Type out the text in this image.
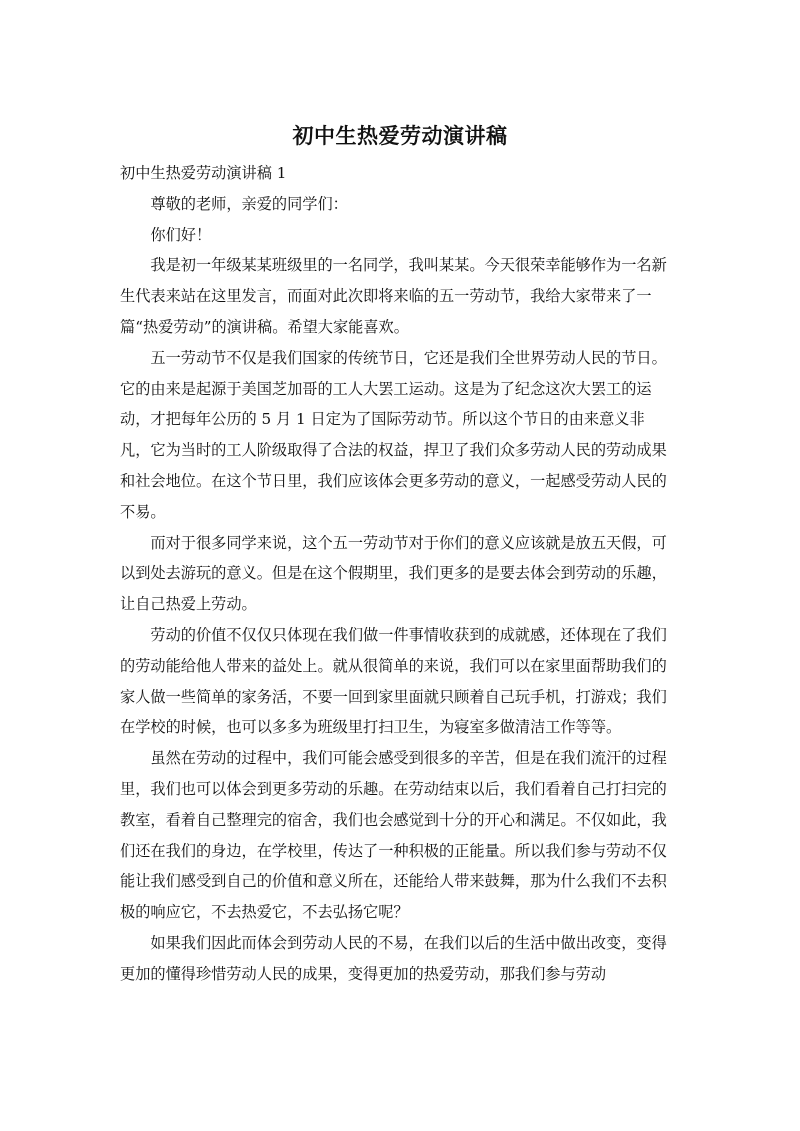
初中生热爱劳动演讲稿

初中生热爱劳动演讲稿 1

尊敬的老师，亲爱的同学们：

你们好！

我是初一年级某某班级里的一名同学，我叫某某。今天很荣幸能够作为一名新生代表来站在这里发言，而面对此次即将来临的五一劳动节，我给大家带来了一篇“热爱劳动”的演讲稿。希望大家能喜欢。

五一劳动节不仅是我们国家的传统节日，它还是我们全世界劳动人民的节日。它的由来是起源于美国芝加哥的工人大罢工运动。这是为了纪念这次大罢工的运动，才把每年公历的 5 月 1 日定为了国际劳动节。所以这个节日的由来意义非凡，它为当时的工人阶级取得了合法的权益，捍卫了我们众多劳动人民的劳动成果和社会地位。在这个节日里，我们应该体会更多劳动的意义，一起感受劳动人民的不易。

而对于很多同学来说，这个五一劳动节对于你们的意义应该就是放五天假，可以到处去游玩的意义。但是在这个假期里，我们更多的是要去体会到劳动的乐趣，让自己热爱上劳动。

劳动的价值不仅仅只体现在我们做一件事情收获到的成就感，还体现在了我们的劳动能给他人带来的益处上。就从很简单的来说，我们可以在家里面帮助我们的家人做一些简单的家务活，不要一回到家里面就只顾着自己玩手机，打游戏；我们在学校的时候，也可以多多为班级里打扫卫生，为寝室多做清洁工作等等。

虽然在劳动的过程中，我们可能会感受到很多的辛苦，但是在我们流汗的过程里，我们也可以体会到更多劳动的乐趣。在劳动结束以后，我们看着自己打扫完的教室，看着自己整理完的宿舍，我们也会感觉到十分的开心和满足。不仅如此，我们还在我们的身边，在学校里，传达了一种积极的正能量。所以我们参与劳动不仅能让我们感受到自己的价值和意义所在，还能给人带来鼓舞，那为什么我们不去积极的响应它，不去热爱它，不去弘扬它呢？

如果我们因此而体会到劳动人民的不易，在我们以后的生活中做出改变，变得更加的懂得珍惜劳动人民的成果，变得更加的热爱劳动，那我们参与劳动
